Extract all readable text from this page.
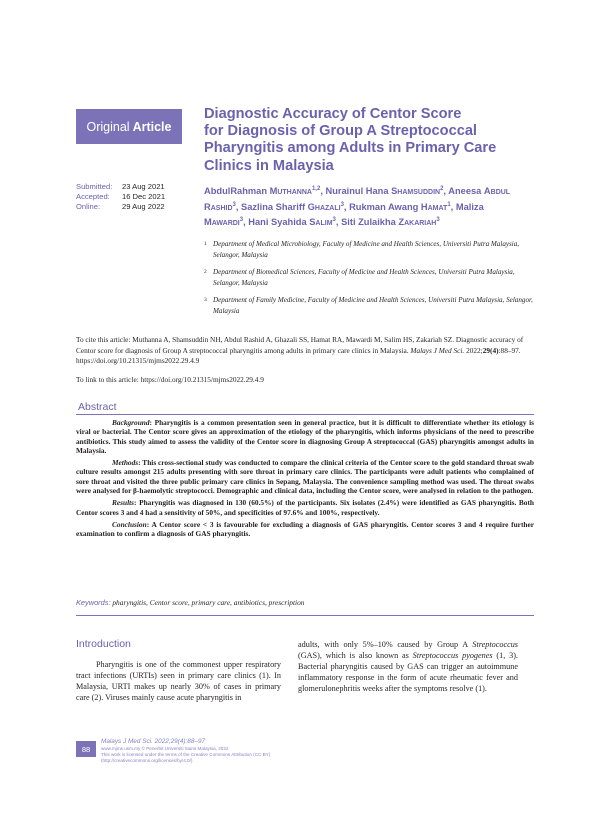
Original Article
Diagnostic Accuracy of Centor Score
for Diagnosis of Group A Streptococcal
Pharyngitis among Adults in Primary Care
Clinics in Malaysia
Submitted: 23 Aug 2021
Accepted: 16 Dec 2021
Online:	29 Aug 2022
AbdulRahman Muthanna$^{1,2}$, Nurainul Hana Shamsuddin$^2$, Aneesa Abdul Rashid$^3$, Sazlina Shariff Ghazali$^3$, Rukman Awang Hamat$^1$, Maliza Mawardi$^3$, Hani Syahida Salim$^3$, Siti Zulaikha Zakariah$^3$
1 Department of Medical Microbiology, Faculty of Medicine and Health Sciences, Universiti Putra Malaysia, Selangor, Malaysia
2 Department of Biomedical Sciences, Faculty of Medicine and Health Sciences, Universiti Putra Malaysia, Selangor, Malaysia
3 Department of Family Medicine, Faculty of Medicine and Health Sciences, Universiti Putra Malaysia, Selangor, Malaysia
To cite this article: Muthanna A, Shamsuddin NH, Abdul Rashid A, Ghazali SS, Hamat RA, Mawardi M, Salim HS, Zakariah SZ. Diagnostic accuracy of Centor score for diagnosis of Group A streptococcal pharyngitis among adults in primary care clinics in Malaysia. Malays J Med Sci. 2022;29(4):88–97. https://doi.org/10.21315/mjms2022.29.4.9
To link to this article: https://doi.org/10.21315/mjms2022.29.4.9
Abstract

Background: Pharyngitis is a common presentation seen in general practice, but it is difficult to differentiate whether its etiology is viral or bacterial. The Centor score gives an approximation of the etiology of the pharyngitis, which informs physicians of the need to prescribe antibiotics. This study aimed to assess the validity of the Centor score in diagnosing Group A streptococcal (GAS) pharyngitis amongst adults in Malaysia.

Methods: This cross-sectional study was conducted to compare the clinical criteria of the Centor score to the gold standard throat swab culture results amongst 215 adults presenting with sore throat in primary care clinics. The participants were adult patients who complained of sore throat and visited the three public primary care clinics in Sepang, Malaysia. The convenience sampling method was used. The throat swabs were analysed for β-haemolytic streptococci. Demographic and clinical data, including the Centor score, were analysed in relation to the pathogen.

Results: Pharyngitis was diagnosed in 130 (60.5%) of the participants. Six isolates (2.4%) were identified as GAS pharyngitis. Both Centor scores 3 and 4 had a sensitivity of 50%, and specificities of 97.6% and 100%, respectively.

Conclusion: A Centor score < 3 is favourable for excluding a diagnosis of GAS pharyngitis. Centor scores 3 and 4 require further examination to confirm a diagnosis of GAS pharyngitis.

Keywords: pharyngitis, Centor score, primary care, antibiotics, prescription
Introduction

Pharyngitis is one of the commonest upper respiratory tract infections (URTIs) seen in primary care clinics (1). In Malaysia, URTI makes up nearly 30% of cases in primary care (2). Viruses mainly cause acute pharyngitis in

adults, with only 5%–10% caused by Group A Streptococcus (GAS), which is also known as Streptococcus pyogenes (1, 3). Bacterial pharyngitis caused by GAS can trigger an autoimmune inflammatory response in the form of acute rheumatic fever and glomerulonephritis weeks after the symptoms resolve (1).

88
Malays J Med Sci. 2022;29(4):88–97
www.mjms.usm.my © Penerbit Universiti Sains Malaysia, 2022
This work is licensed under the terms of the Creative Commons Attribution (CC BY)
(http://creativecommons.org/licenses/by/4.0/).
